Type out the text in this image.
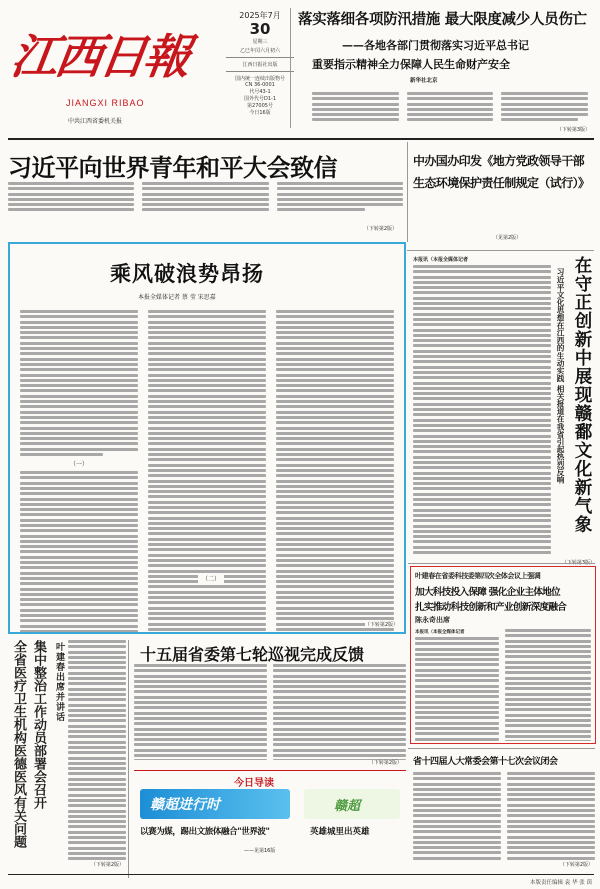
江西日報
JIANGXI RIBAO
中共江西省委机关报
2025年7月
30
星期三
乙巳年闰六月初六
江西日报社出版
国内统一连续出版物号
CN 36-0001
代号43-1
国外代号D1-1
第27005号
今日16版
落实落细各项防汛措施 最大限度减少人员伤亡
——各地各部门贯彻落实习近平总书记
重要指示精神全力保障人民生命财产安全
新华社北京
（下转第3版）
习近平向世界青年和平大会致信
（下转第2版）
中办国办印发《地方党政领导干部
生态环境保护责任制规定（试行）》
（见第2版）
乘风破浪势昂扬
本报全媒体记者 蔡 莹 宋思嘉
（一）
（二）
（下转第2版）
本报讯（本报全媒体记者	在守正创新中展现赣鄱文化新气象
习近平文化思想在江西的生动实践 相关报道在我省引起热烈反响
叶建春在省委科技委第四次全体会议上强调
加大科技投入保障 强化企业主体地位
扎实推动科技创新和产业创新深度融合
陈永奇出席
本报讯（本报全媒体记者
全省医疗卫生机构医德医风有关问题 集中整治工作动员部署会召开 叶建春出席并讲话
（下转第2版）
十五届省委第七轮巡视完成反馈
（下转第2版）
今日导读
赣超进行时	赣超
以赛为媒，踢出文旅体融合"世界波"	英雄城里出英雄
——见第16版
省十四届人大常委会第十七次会议闭会
（下转第2版）
本版责任编辑 袁 华 张 茵
